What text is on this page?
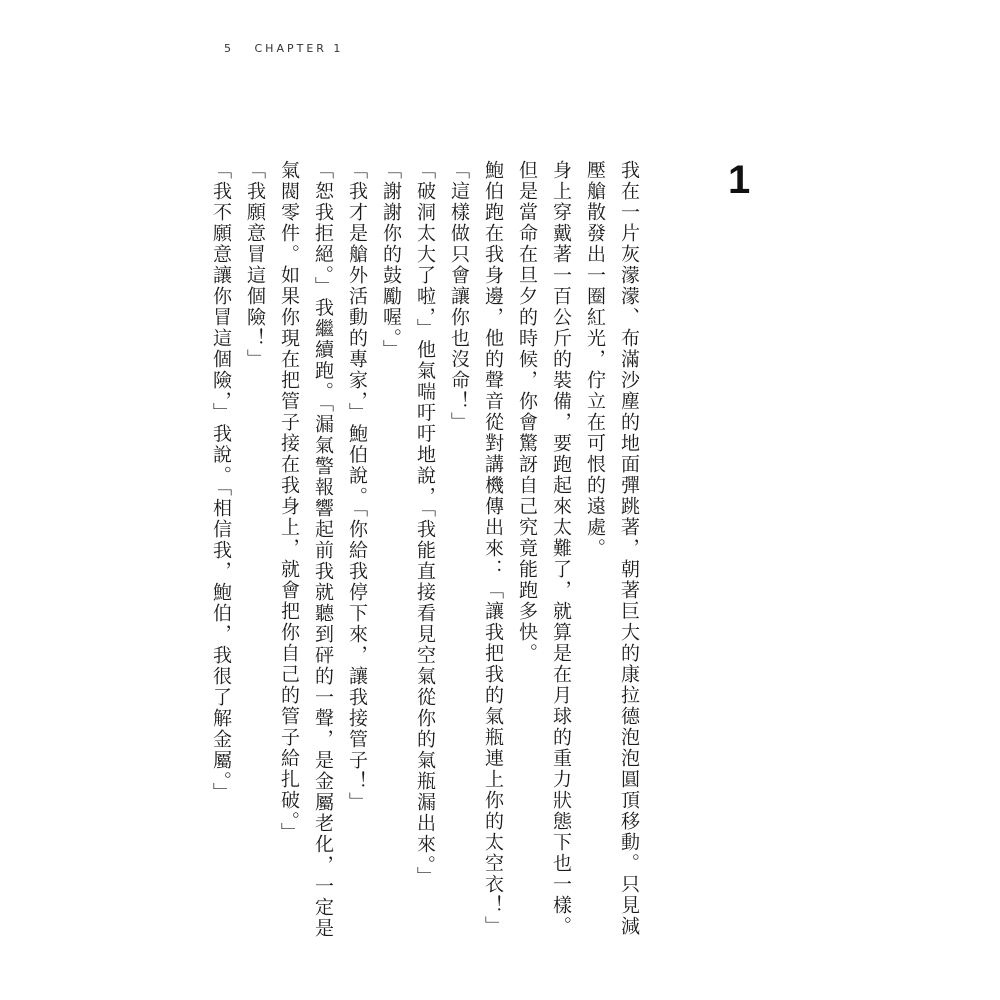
5 CHAPTER 1
1

我在一片灰濛濛、布滿沙塵的地面彈跳著，朝著巨大的康拉德泡泡圓頂移動。只見減壓艙散發出一圈紅光，佇立在可恨的遠處。

身上穿戴著一百公斤的裝備，要跑起來太難了，就算是在月球的重力狀態下也一樣。但是當命在旦夕的時候，你會驚訝自己究竟能跑多快。

鮑伯跑在我身邊，他的聲音從對講機傳出來：「讓我把我的氣瓶連上你的太空衣！」

「這樣做只會讓你也沒命！」

「破洞太大了啦，」他氣喘吁吁地說，「我能直接看見空氣從你的氣瓶漏出來。」

「謝謝你的鼓勵喔。」

「我才是艙外活動的專家，」鮑伯說。「你給我停下來，讓我接管子！」

「恕我拒絕。」我繼續跑。「漏氣警報響起前我就聽到砰的一聲，是金屬老化，一定是氣閥零件。如果你現在把管子接在我身上，就會把你自己的管子給扎破。」

「我願意冒這個險！」

「我不願意讓你冒這個險，」我說。「相信我，鮑伯，我很了解金屬。」
